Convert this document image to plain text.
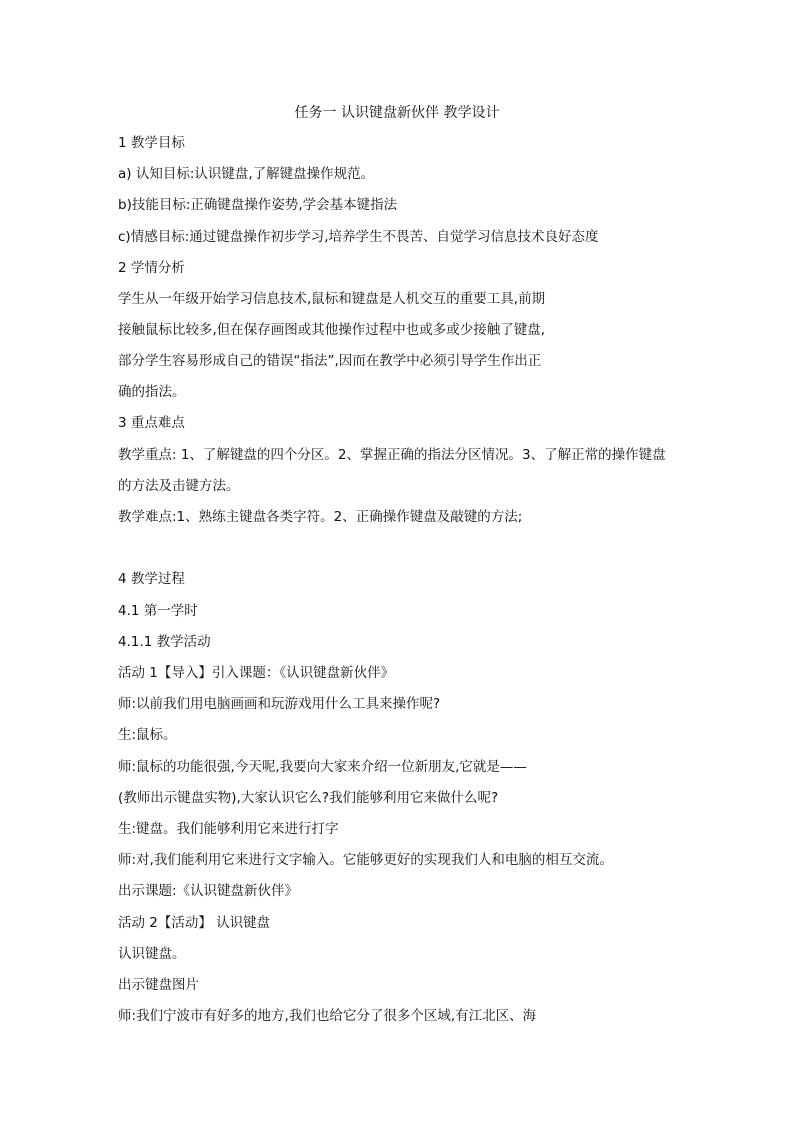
任务一 认识键盘新伙伴 教学设计
1 教学目标
a) 认知目标:认识键盘,了解键盘操作规范。
b)技能目标:正确键盘操作姿势,学会基本键指法
c)情感目标:通过键盘操作初步学习,培养学生不畏苦、自觉学习信息技术良好态度
2 学情分析
学生从一年级开始学习信息技术,鼠标和键盘是人机交互的重要工具,前期
接触鼠标比较多,但在保存画图或其他操作过程中也或多或少接触了键盘,
部分学生容易形成自己的错误“指法”,因而在教学中必须引导学生作出正
确的指法。
3 重点难点
教学重点: 1、了解键盘的四个分区。2、掌握正确的指法分区情况。3、了解正常的操作键盘
的方法及击键方法。
教学难点:1、熟练主键盘各类字符。2、正确操作键盘及敲键的方法;
4 教学过程
4.1 第一学时
4.1.1 教学活动
活动 1【导入】引入课题：《认识键盘新伙伴》
师:以前我们用电脑画画和玩游戏用什么工具来操作呢?
生:鼠标。
师:鼠标的功能很强,今天呢,我要向大家来介绍一位新朋友,它就是——
(教师出示键盘实物),大家认识它么?我们能够利用它来做什么呢?
生:键盘。我们能够利用它来进行打字
师:对,我们能利用它来进行文字输入。它能够更好的实现我们人和电脑的相互交流。
出示课题:《认识键盘新伙伴》
活动 2【活动】 认识键盘
认识键盘。
出示键盘图片
师:我们宁波市有好多的地方,我们也给它分了很多个区域,有江北区、海
